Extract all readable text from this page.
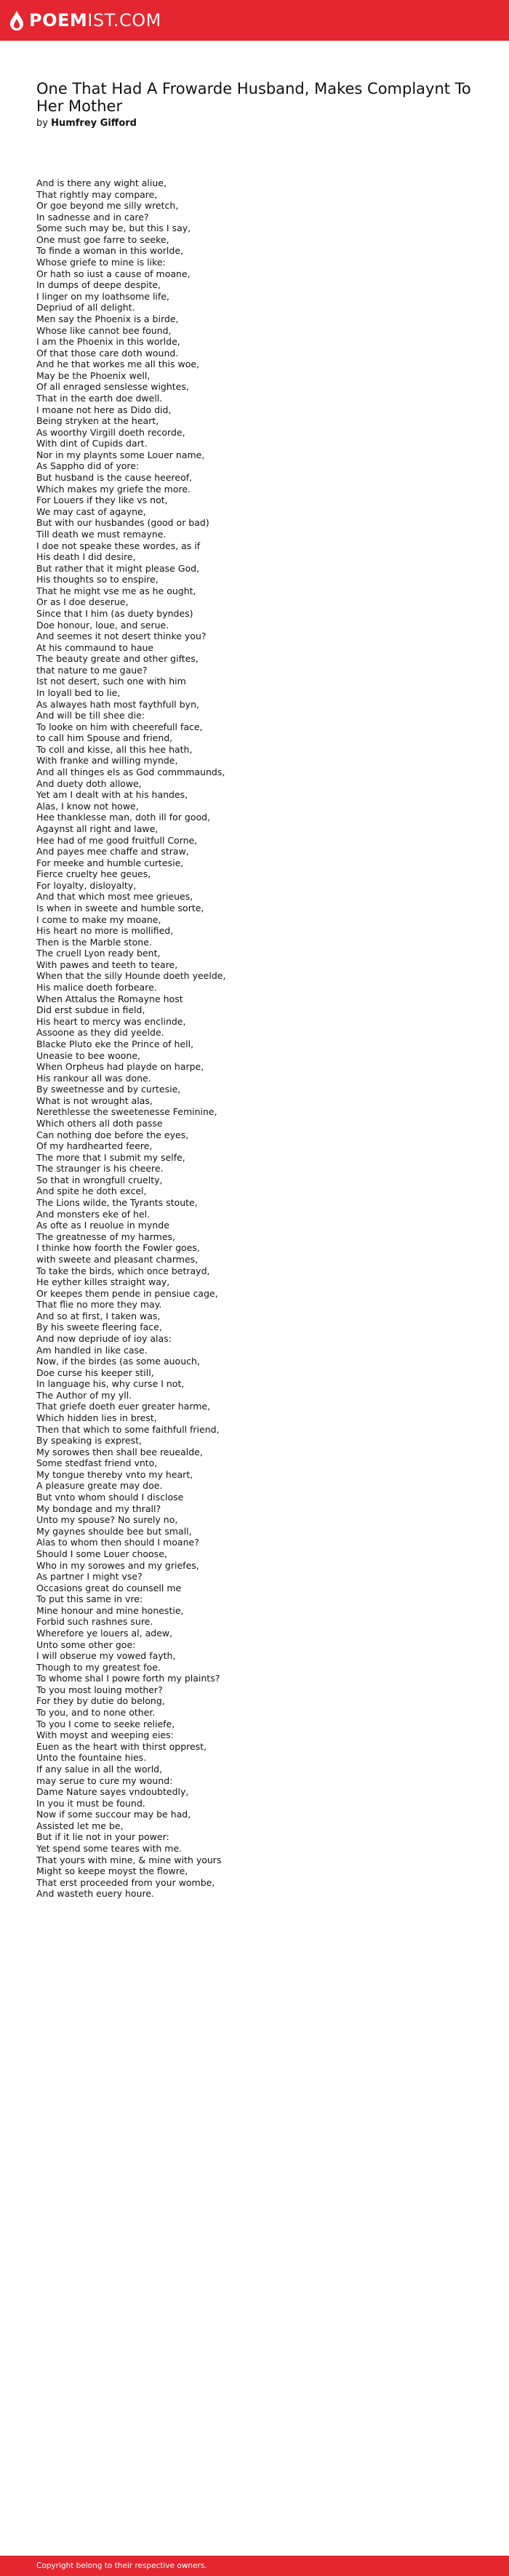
POEMIST.COM
One That Had A Frowarde Husband, Makes Complaynt To Her Mother
by Humfrey Gifford
And is there any wight aliue,
That rightly may compare,
Or goe beyond me silly wretch,
In sadnesse and in care?
Some such may be, but this I say,
One must goe farre to seeke,
To finde a woman in this worlde,
Whose griefe to mine is like:
Or hath so iust a cause of moane,
In dumps of deepe despite,
I linger on my loathsome life,
Depriud of all delight.
Men say the Phoenix is a birde,
Whose like cannot bee found,
I am the Phoenix in this worlde,
Of that those care doth wound.
And he that workes me all this woe,
May be the Phoenix well,
Of all enraged senslesse wightes,
That in the earth doe dwell.
I moane not here as Dido did,
Being stryken at the heart,
As woorthy Virgill doeth recorde,
With dint of Cupids dart.
Nor in my playnts some Louer name,
As Sappho did of yore:
But husband is the cause heereof,
Which makes my griefe the more.
For Louers if they like vs not,
We may cast of agayne,
But with our husbandes (good or bad)
Till death we must remayne.
I doe not speake these wordes, as if
His death I did desire,
But rather that it might please God,
His thoughts so to enspire,
That he might vse me as he ought,
Or as I doe deserue,
Since that I him (as duety byndes)
Doe honour, loue, and serue.
And seemes it not desert thinke you?
At his commaund to haue
The beauty greate and other giftes,
that nature to me gaue?
Ist not desert, such one with him
In loyall bed to lie,
As alwayes hath most faythfull byn,
And will be till shee die:
To looke on him with cheerefull face,
to call him Spouse and friend,
To coll and kisse, all this hee hath,
With franke and willing mynde,
And all thinges els as God commmaunds,
And duety doth allowe,
Yet am I dealt with at his handes,
Alas, I know not howe,
Hee thanklesse man, doth ill for good,
Agaynst all right and lawe,
Hee had of me good fruitfull Corne,
And payes mee chaffe and straw,
For meeke and humble curtesie,
Fierce cruelty hee geues,
For loyalty, disloyalty,
And that which most mee grieues,
Is when in sweete and humble sorte,
I come to make my moane,
His heart no more is mollified,
Then is the Marble stone.
The cruell Lyon ready bent,
With pawes and teeth to teare,
When that the silly Hounde doeth yeelde,
His malice doeth forbeare.
When Attalus the Romayne host
Did erst subdue in field,
His heart to mercy was enclinde,
Assoone as they did yeelde.
Blacke Pluto eke the Prince of hell,
Uneasie to bee woone,
When Orpheus had playde on harpe,
His rankour all was done.
By sweetnesse and by curtesie,
What is not wrought alas,
Nerethlesse the sweetenesse Feminine,
Which others all doth passe
Can nothing doe before the eyes,
Of my hardhearted feere,
The more that I submit my selfe,
The straunger is his cheere.
So that in wrongfull cruelty,
And spite he doth excel,
The Lions wilde, the Tyrants stoute,
And monsters eke of hel.
As ofte as I reuolue in mynde
The greatnesse of my harmes,
I thinke how foorth the Fowler goes,
with sweete and pleasant charmes,
To take the birds, which once betrayd,
He eyther killes straight way,
Or keepes them pende in pensiue cage,
That flie no more they may.
And so at first, I taken was,
By his sweete fleering face,
And now depriude of ioy alas:
Am handled in like case.
Now, if the birdes (as some auouch,
Doe curse his keeper still,
In language his, why curse I not,
The Author of my yll.
That griefe doeth euer greater harme,
Which hidden lies in brest,
Then that which to some faithfull friend,
By speaking is exprest,
My sorowes then shall bee reuealde,
Some stedfast friend vnto,
My tongue thereby vnto my heart,
A pleasure greate may doe.
But vnto whom should I disclose
My bondage and my thrall?
Unto my spouse? No surely no,
My gaynes shoulde bee but small,
Alas to whom then should I moane?
Should I some Louer choose,
Who in my sorowes and my griefes,
As partner I might vse?
Occasions great do counsell me
To put this same in vre:
Mine honour and mine honestie,
Forbid such rashnes sure.
Wherefore ye louers al, adew,
Unto some other goe:
I will obserue my vowed fayth,
Though to my greatest foe.
To whome shal I powre forth my plaints?
To you most louing mother?
For they by dutie do belong,
To you, and to none other.
To you I come to seeke reliefe,
With moyst and weeping eies:
Euen as the heart with thirst opprest,
Unto the fountaine hies.
If any salue in all the world,
may serue to cure my wound:
Dame Nature sayes vndoubtedly,
In you it must be found.
Now if some succour may be had,
Assisted let me be,
But if it lie not in your power:
Yet spend some teares with me.
That yours with mine, & mine with yours
Might so keepe moyst the flowre,
That erst proceeded from your wombe,
And wasteth euery houre.
Copyright belong to their respective owners.
